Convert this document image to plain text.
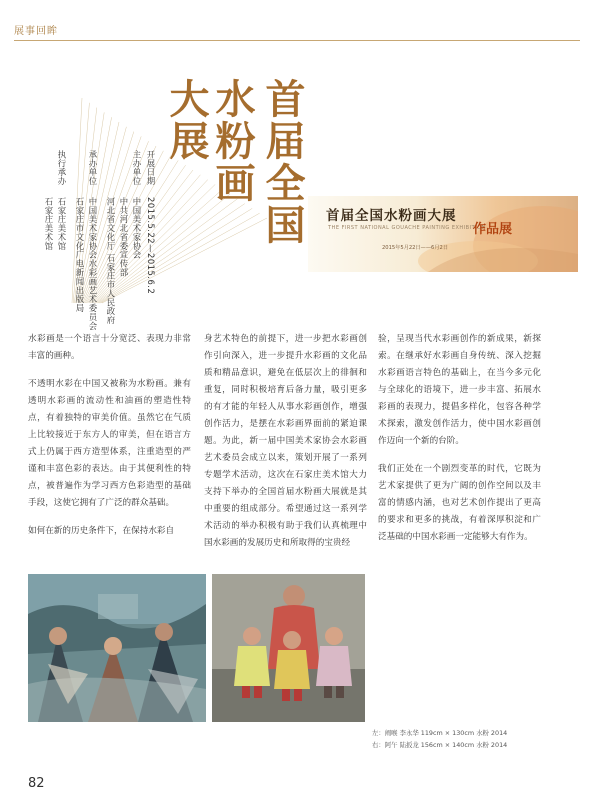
展事回眸
首届全国
水粉画
大展
开展日期
2015.5.22—2015.6.2
主办单位
中国美术家协会
中共河北省委宣传部
河北省文化厅 石家庄市人民政府
承办单位
中国美术家协会水彩画艺术委员会
石家庄市文化广电新闻出版局
执行承办
石家庄美术馆
石家庄美术馆	首届全国水粉画大展
THE FIRST NATIONAL GOUACHE PAINTING EXHIBITION
作品展
2015年5月22日——6月2日

水彩画是一个语言十分宽泛、表现力非常丰富的画种。

不透明水彩在中国又被称为水粉画。兼有透明水彩画的流动性和油画的塑造性特点，有着独特的审美价值。虽然它在气质上比较接近于东方人的审美，但在语言方式上仍属于西方造型体系，注重造型的严谨和丰富色彩的表达。由于其便利性的特点，被普遍作为学习西方色彩造型的基础手段，这使它拥有了广泛的群众基础。

如何在新的历史条件下，在保持水彩自

身艺术特色的前提下，进一步把水彩画创作引向深入，进一步提升水彩画的文化品质和精品意识，避免在低层次上的徘徊和重复，同时积极培育后备力量，吸引更多的有才能的年轻人从事水彩画创作，增强创作活力，是摆在水彩画界面前的紧迫课题。为此，新一届中国美术家协会水彩画艺术委员会成立以来，策划开展了一系列专题学术活动，这次在石家庄美术馆大力支持下举办的全国首届水粉画大展就是其中重要的组成部分。希望通过这一系列学术活动的举办积极有助于我们认真梳理中国水彩画的发展历史和所取得的宝贵经

验，呈现当代水彩画创作的新成果，新探索。在继承好水彩画自身传统、深入挖掘水彩画语言特色的基础上，在当今多元化与全球化的语境下，进一步丰富、拓展水彩画的表现力，提倡多样化，包容各种学术探索，激发创作活力，使中国水彩画创作迈向一个新的台阶。

我们正处在一个剧烈变革的时代，它既为艺术家提供了更为广阔的创作空间以及丰富的情感内涵，也对艺术创作提出了更高的要求和更多的挑战，有着深厚积淀和广泛基础的中国水彩画一定能够大有作为。

左：阐喉 李永华 119cm × 130cm 水粉 2014
右：阿午 陆扳龙 156cm × 140cm 水粉 2014
82
